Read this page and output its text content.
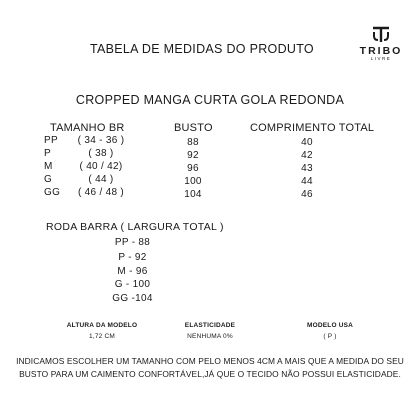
TABELA DE MEDIDAS DO PRODUTO	TRIBO
LIVRE
CROPPED MANGA CURTA GOLA REDONDA
TAMANHO BR	BUSTO	COMPRIMENTO TOTAL
PP	( 34 - 36 )	88	40
P	( 38 )	92	42
M	( 40 / 42)	96	43
G	( 44 )	100	44
GG	( 46 / 48 )	104	46
RODA BARRA ( LARGURA TOTAL )
PP - 88
P - 92
M - 96
G - 100
GG -104
ALTURA DA MODELO
1,72 CM
ELASTICIDADE
NENHUMA 0%
MODELO USA
( P )
INDICAMOS ESCOLHER UM TAMANHO COM PELO MENOS 4CM A MAIS QUE A MEDIDA DO SEU
BUSTO PARA UM CAIMENTO CONFORTÁVEL,JÁ QUE O TECIDO NÃO POSSUI ELASTICIDADE.
